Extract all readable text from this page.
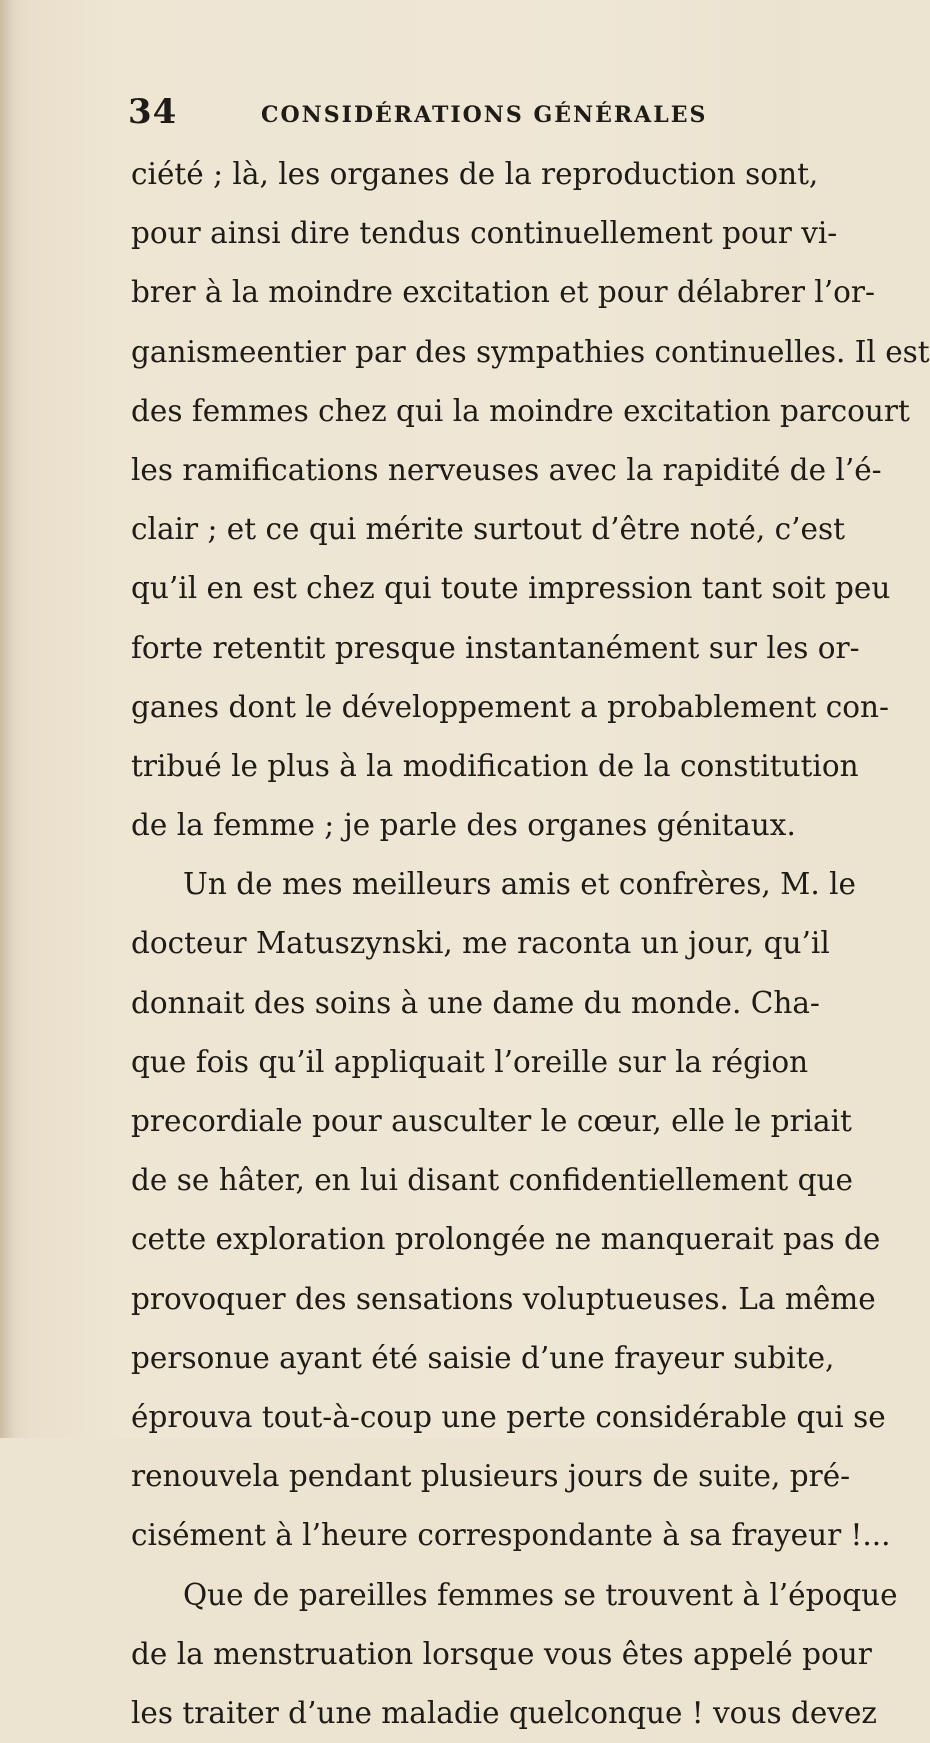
34	CONSIDÉRATIONS GÉNÉRALES
ciété ; là, les organes de la reproduction sont,
pour ainsi dire tendus continuellement pour vi-
brer à la moindre excitation et pour délabrer l’or-
ganismeentier par des sympathies continuelles. Il est
des femmes chez qui la moindre excitation parcourt
les ramifications nerveuses avec la rapidité de l’é-
clair ; et ce qui mérite surtout d’être noté, c’est
qu’il en est chez qui toute impression tant soit peu
forte retentit presque instantanément sur les or-
ganes dont le développement a probablement con-
tribué le plus à la modification de la constitution
de la femme ; je parle des organes génitaux.
Un de mes meilleurs amis et confrères, M. le
docteur Matuszynski, me raconta un jour, qu’il
donnait des soins à une dame du monde. Cha-
que fois qu’il appliquait l’oreille sur la région
precordiale pour ausculter le cœur, elle le priait
de se hâter, en lui disant confidentiellement que
cette exploration prolongée ne manquerait pas de
provoquer des sensations voluptueuses. La même
personue ayant été saisie d’une frayeur subite,
éprouva tout-à-coup une perte considérable qui se
renouvela pendant plusieurs jours de suite, pré-
cisément à l’heure correspondante à sa frayeur !...
Que de pareilles femmes se trouvent à l’époque
de la menstruation lorsque vous êtes appelé pour
les traiter d’une maladie quelconque ! vous devez
